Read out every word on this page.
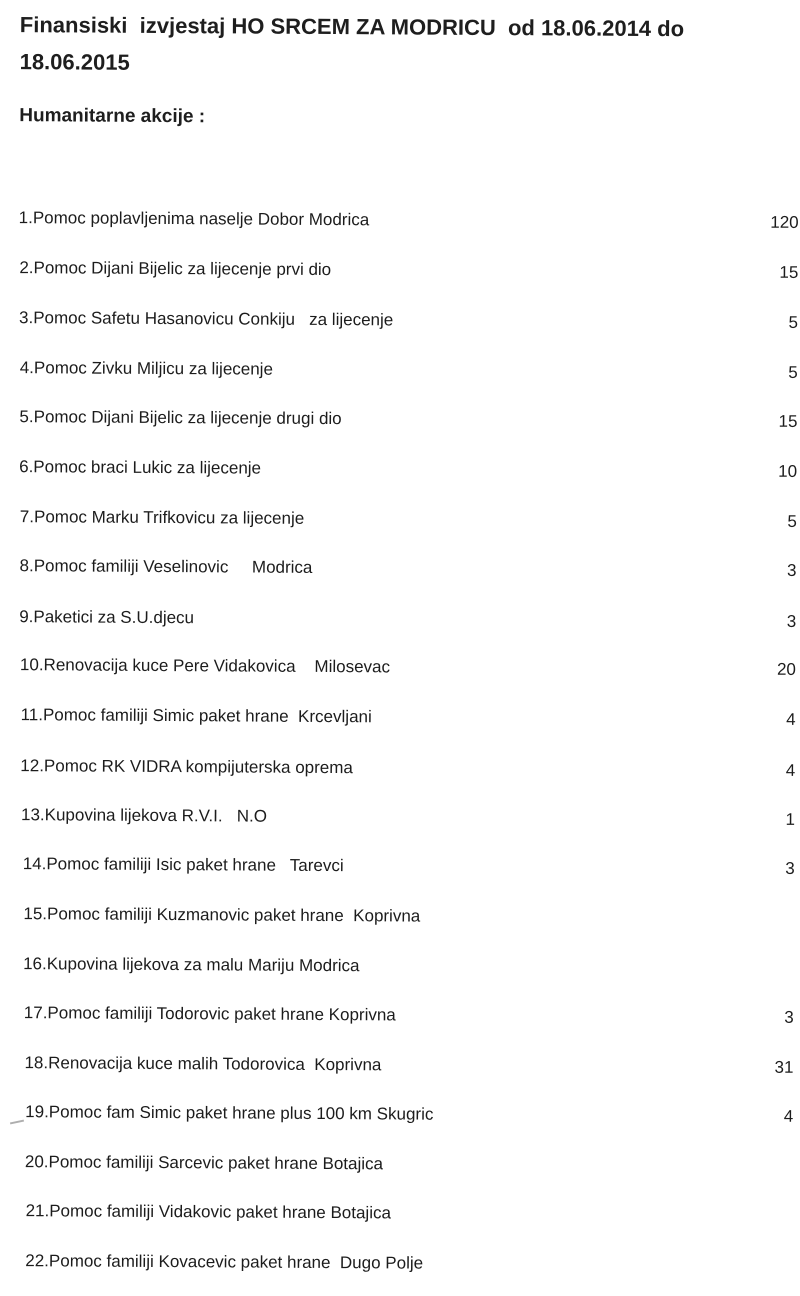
Finansiski  izvjestaj HO SRCEM ZA MODRICU  od 18.06.2014 do 18.06.2015
Humanitarne akcije :
1.Pomoc poplavljenima naselje Dobor Modrica	120
2.Pomoc Dijani Bijelic za lijecenje prvi dio	15
3.Pomoc Safetu Hasanovicu Conkiju   za lijecenje	5
4.Pomoc Zivku Miljicu za lijecenje	5
5.Pomoc Dijani Bijelic za lijecenje drugi dio	15
6.Pomoc braci Lukic za lijecenje	10
7.Pomoc Marku Trifkovicu za lijecenje	5
8.Pomoc familiji Veselinovic     Modrica	3
9.Paketici za S.U.djecu	3
10.Renovacija kuce Pere Vidakovica    Milosevac	20
11.Pomoc familiji Simic paket hrane  Krcevljani	4
12.Pomoc RK VIDRA kompijuterska oprema	4
13.Kupovina lijekova R.V.I.   N.O	1
14.Pomoc familiji Isic paket hrane   Tarevci	3
15.Pomoc familiji Kuzmanovic paket hrane  Koprivna
16.Kupovina lijekova za malu Mariju Modrica
17.Pomoc familiji Todorovic paket hrane Koprivna	3
18.Renovacija kuce malih Todorovica  Koprivna	31
19.Pomoc fam Simic paket hrane plus 100 km Skugric	4
20.Pomoc familiji Sarcevic paket hrane Botajica
21.Pomoc familiji Vidakovic paket hrane Botajica
22.Pomoc familiji Kovacevic paket hrane  Dugo Polje
